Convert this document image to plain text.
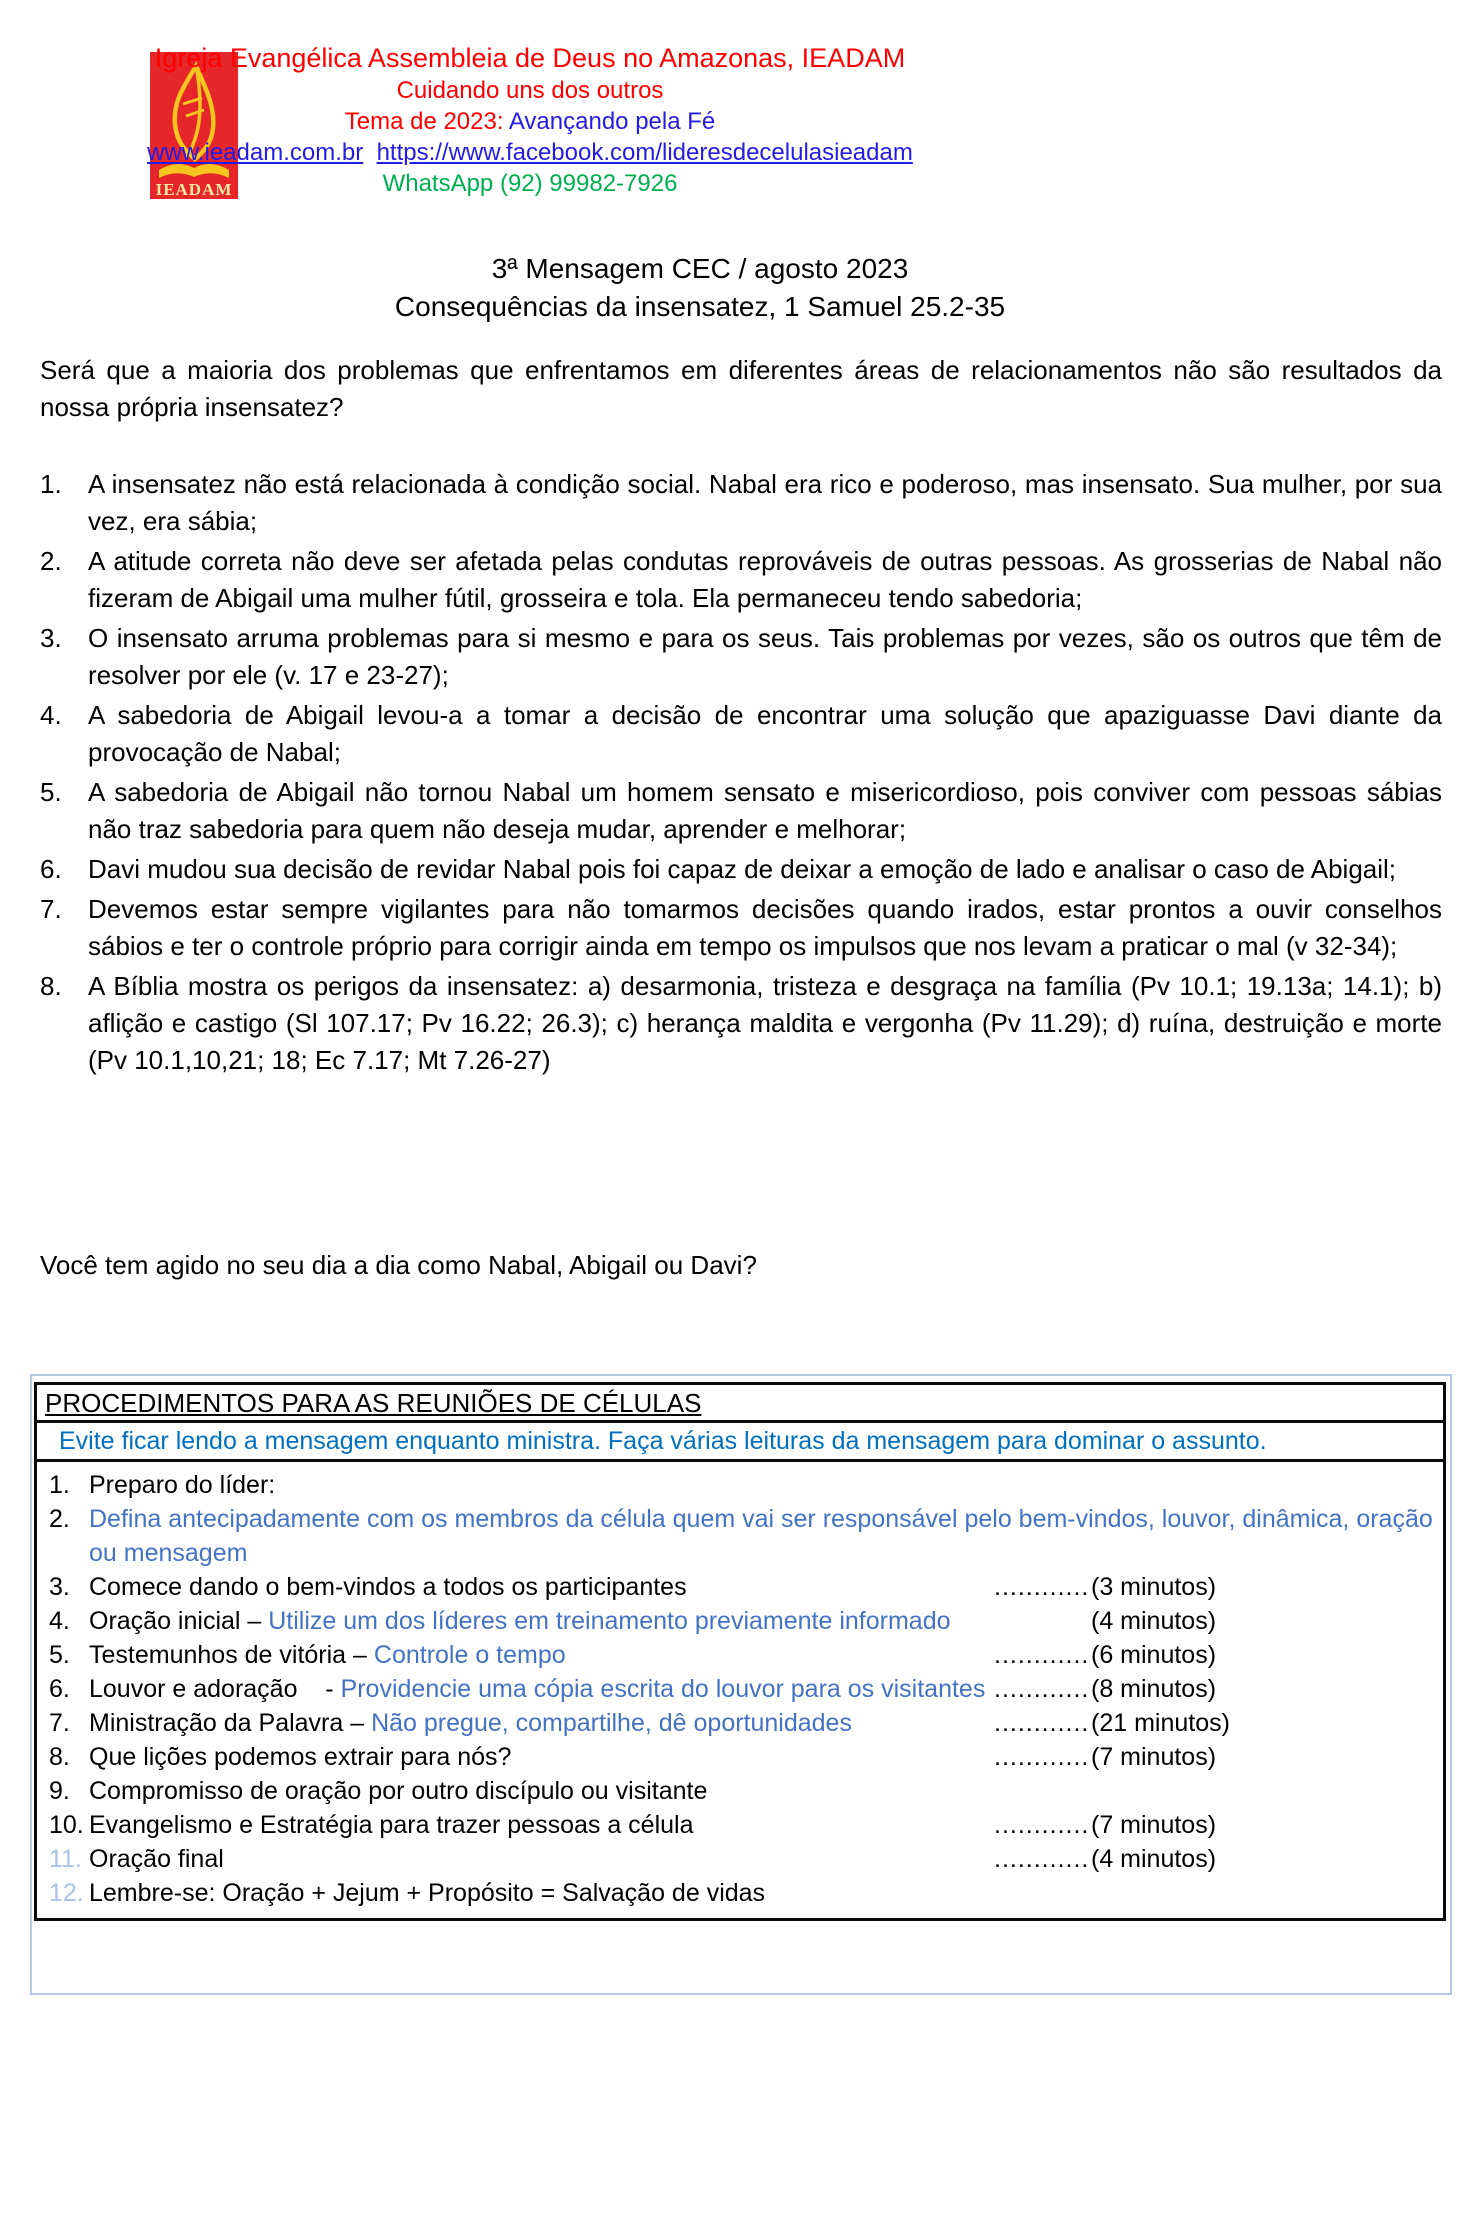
IEADAM
Igreja Evangélica Assembleia de Deus no Amazonas, IEADAM
Cuidando uns dos outros
Tema de 2023: Avançando pela Fé
www.ieadam.com.br https://www.facebook.com/lideresdecelulasieadam
WhatsApp (92) 99982-7926
3ª Mensagem CEC / agosto 2023
Consequências da insensatez, 1 Samuel 25.2-35

Será que a maioria dos problemas que enfrentamos em diferentes áreas de relacionamentos não são resultados da nossa própria insensatez?

1. A insensatez não está relacionada à condição social. Nabal era rico e poderoso, mas insensato. Sua mulher, por sua vez, era sábia;
2. A atitude correta não deve ser afetada pelas condutas reprováveis de outras pessoas. As grosserias de Nabal não fizeram de Abigail uma mulher fútil, grosseira e tola. Ela permaneceu tendo sabedoria;
3. O insensato arruma problemas para si mesmo e para os seus. Tais problemas por vezes, são os outros que têm de resolver por ele (v. 17 e 23-27);
4. A sabedoria de Abigail levou-a a tomar a decisão de encontrar uma solução que apaziguasse Davi diante da provocação de Nabal;
5. A sabedoria de Abigail não tornou Nabal um homem sensato e misericordioso, pois conviver com pessoas sábias não traz sabedoria para quem não deseja mudar, aprender e melhorar;
6. Davi mudou sua decisão de revidar Nabal pois foi capaz de deixar a emoção de lado e analisar o caso de Abigail;
7. Devemos estar sempre vigilantes para não tomarmos decisões quando irados, estar prontos a ouvir conselhos sábios e ter o controle próprio para corrigir ainda em tempo os impulsos que nos levam a praticar o mal (v 32-34);
8. A Bíblia mostra os perigos da insensatez: a) desarmonia, tristeza e desgraça na família (Pv 10.1; 19.13a; 14.1); b) aflição e castigo (Sl 107.17; Pv 16.22; 26.3); c) herança maldita e vergonha (Pv 11.29); d) ruína, destruição e morte (Pv 10.1,10,21; 18; Ec 7.17; Mt 7.26-27)

Você tem agido no seu dia a dia como Nabal, Abigail ou Davi?

PROCEDIMENTOS PARA AS REUNIÕES DE CÉLULAS
Evite ficar lendo a mensagem enquanto ministra. Faça várias leituras da mensagem para dominar o assunto.
1. Preparo do líder:
2. Defina antecipadamente com os membros da célula quem vai ser responsável pelo bem-vindos, louvor, dinâmica, oração ou mensagem
3. Comece dando o bem-vindos a todos os participantes	............ (3 minutos)
4. Oração inicial – Utilize um dos líderes em treinamento previamente informado	(4 minutos)
5. Testemunhos de vitória – Controle o tempo	............ (6 minutos)
6. Louvor e adoração    - Providencie uma cópia escrita do louvor para os visitantes ............ (8 minutos)
7. Ministração da Palavra – Não pregue, compartilhe, dê oportunidades	............ (21 minutos)
8. Que lições podemos extrair para nós?	............ (7 minutos)
9. Compromisso de oração por outro discípulo ou visitante
10. Evangelismo e Estratégia para trazer pessoas a célula	............ (7 minutos)
11. Oração final	............ (4 minutos)
12. Lembre-se: Oração + Jejum + Propósito = Salvação de vidas
